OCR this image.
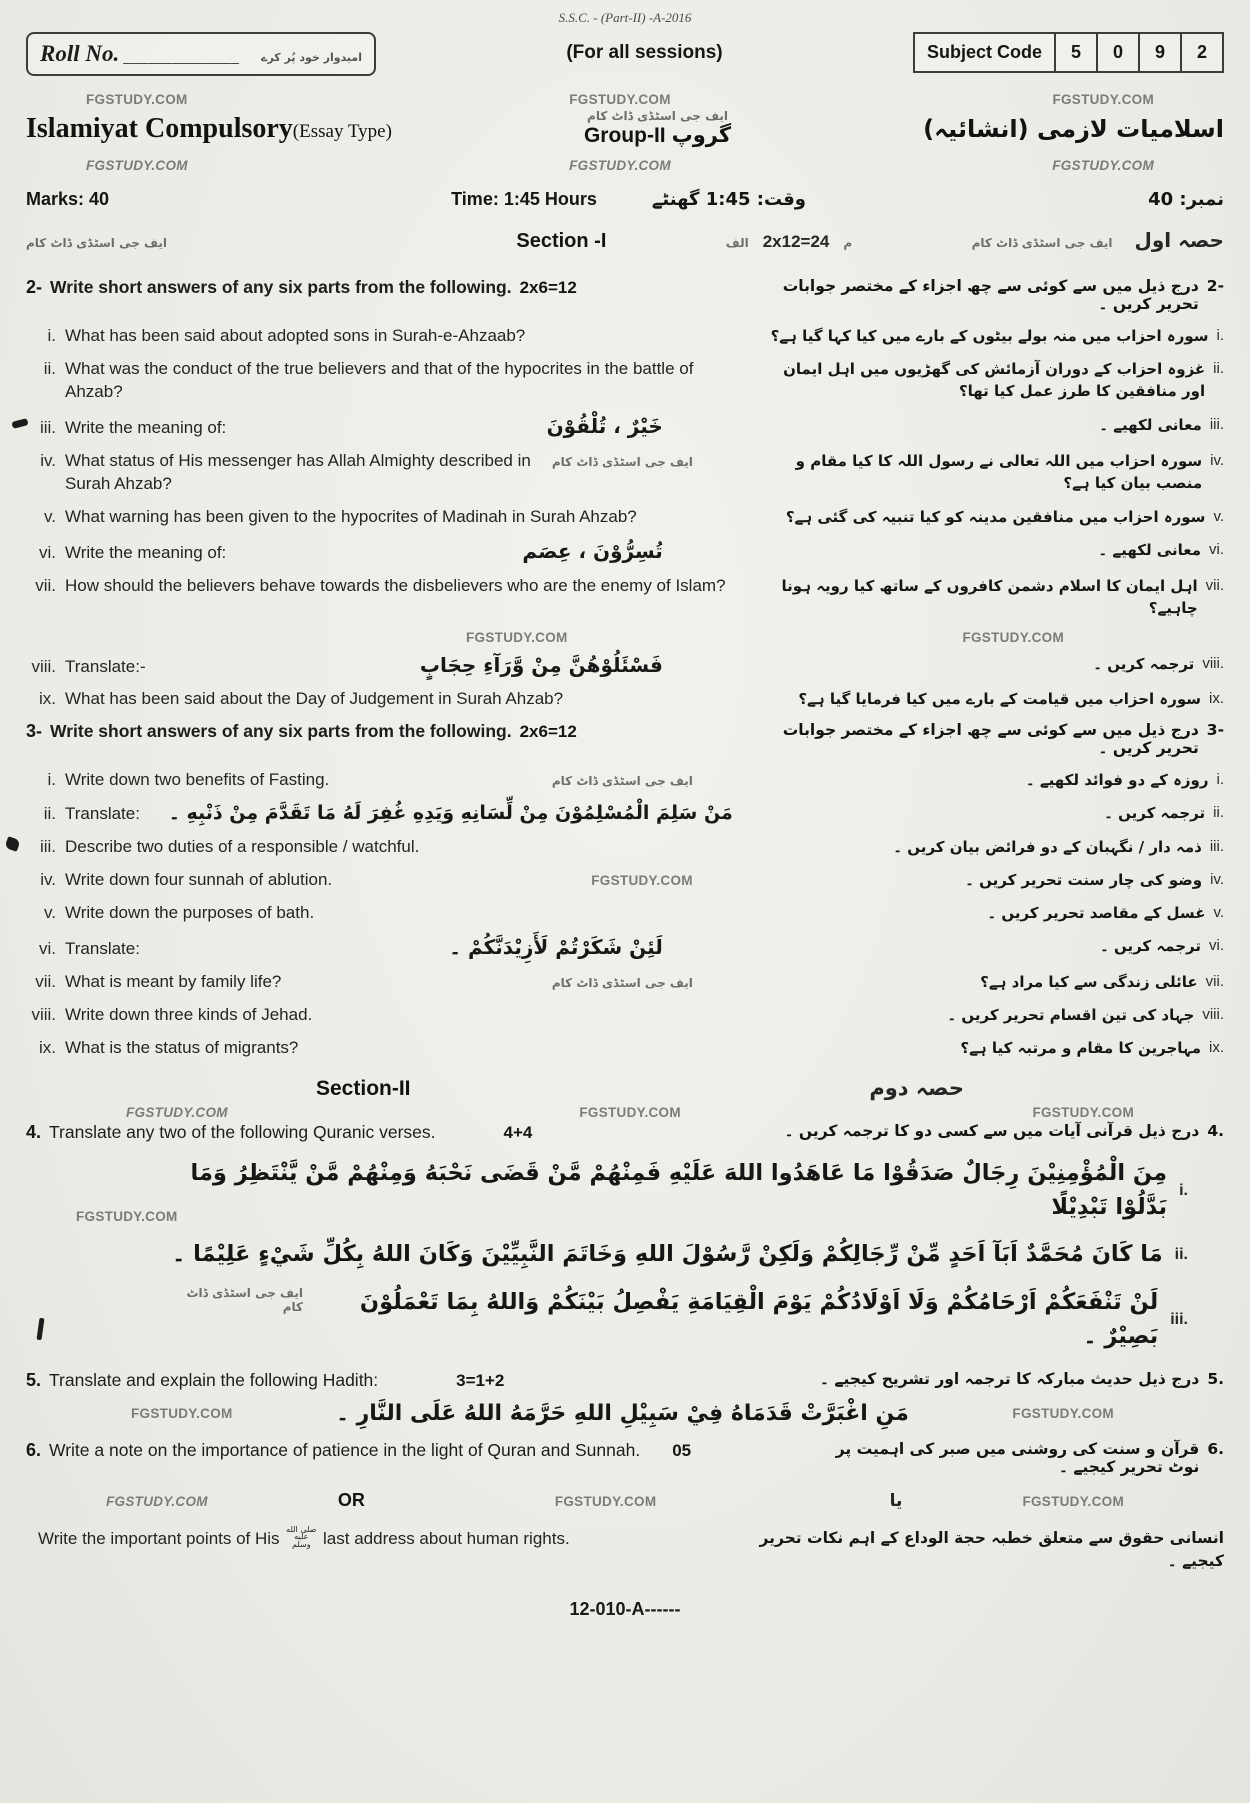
S.S.C. - (Part-II) -A-2016
Roll No. ______________ امیدوار خود پُر کرے	(For all sessions)	Subject Code	5	0	9	2
FGSTUDY.COM	FGSTUDY.COM	FGSTUDY.COM
Islamiyat Compulsory(Essay Type)
ایف جی اسٹڈی ڈاٹ کام
Group-II گروپ	اسلامیات لازمی (انشائیہ)
FGSTUDY.COM	FGSTUDY.COM	FGSTUDY.COM
Marks: 40	Time: 1:45 Hours	وقت: 1:45 گھنٹے	نمبر: 40
ایف جی اسٹڈی ڈاٹ کام	Section -I	الف 2x12=24 م	ایف جی اسٹڈی ڈاٹ کام حصہ اول
2- Write short answers of any six parts from the following. 2x6=12	2-
درج ذیل میں سے کوئی سے چھ اجزاء کے مختصر جوابات تحریر کریں ۔
i. What has been said about adopted sons in Surah-e-Ahzaab?	i.
سورہ احزاب میں منہ بولے بیٹوں کے بارے میں کیا کہا گیا ہے؟
ii. What was the conduct of the true believers and that of the hypocrites in the battle of Ahzab?
ii.
غزوہ احزاب کے دوران آزمائش کی گھڑیوں میں اہل ایمان اور منافقین کا طرز عمل کیا تھا؟
iii. Write the meaning of:	خَيْرٌ ، تُلْقُوْنَ	iii.
معانی لکھیے ۔
iv. What status of His messenger has Allah Almighty described in Surah Ahzab?
ایف جی اسٹڈی ڈاٹ کام	iv.
سورہ احزاب میں اللہ تعالی نے رسول اللہ کا کیا مقام و منصب بیان کیا ہے؟
v. What warning has been given to the hypocrites of Madinah in Surah Ahzab?	v.
سورہ احزاب میں منافقین مدینہ کو کیا تنبیہ کی گئی ہے؟
vi. Write the meaning of:	تُسِرُّوْنَ ، عِصَم	vi.
معانی لکھیے ۔
vii. How should the believers behave towards the disbelievers who are the enemy of Islam?	vii.
اہل ایمان کا اسلام دشمن کافروں کے ساتھ کیا رویہ ہونا چاہیے؟
FGSTUDY.COM	FGSTUDY.COM
viii. Translate:-	فَسْئَلُوْهُنَّ مِنْ وَّرَآءِ حِجَابٍ	viii.
ترجمہ کریں ۔
ix. What has been said about the Day of Judgement in Surah Ahzab?	ix.
سورہ احزاب میں قیامت کے بارے میں کیا فرمایا گیا ہے؟
3- Write short answers of any six parts from the following. 2x6=12	3-
درج ذیل میں سے کوئی سے چھ اجزاء کے مختصر جوابات تحریر کریں ۔
i. Write down two benefits of Fasting.	ایف جی اسٹڈی ڈاٹ کام	i.
روزہ کے دو فوائد لکھیے ۔
ii. Translate: مَنْ سَلِمَ الْمُسْلِمُوْنَ مِنْ لِّسَانِهِ وَيَدِهِ غُفِرَ لَهُ مَا تَقَدَّمَ مِنْ ذَنْبِهِ ۔	ii.
ترجمہ کریں ۔
iii. Describe two duties of a responsible / watchful.	iii.
ذمہ دار / نگہبان کے دو فرائض بیان کریں ۔
iv. Write down four sunnah of ablution.	FGSTUDY.COM	iv.
وضو کی چار سنت تحریر کریں ۔
v. Write down the purposes of bath.	v.
غسل کے مقاصد تحریر کریں ۔
vi. Translate:	لَئِنْ شَكَرْتُمْ لَأَزِيْدَنَّكُمْ ۔	vi.
ترجمہ کریں ۔
vii. What is meant by family life?	ایف جی اسٹڈی ڈاٹ کام	vii.
عائلی زندگی سے کیا مراد ہے؟
viii. Write down three kinds of Jehad.	viii.
جہاد کی تین اقسام تحریر کریں ۔
ix. What is the status of migrants?	ix.
مہاجرین کا مقام و مرتبہ کیا ہے؟
Section-II	حصہ دوم
FGSTUDY.COM	FGSTUDY.COM	FGSTUDY.COM
4. Translate any two of the following Quranic verses.	4+4	4.
درج ذیل قرآنی آیات میں سے کسی دو کا ترجمہ کریں ۔
FGSTUDY.COM
i.
مِنَ الْمُؤْمِنِيْنَ رِجَالٌ صَدَقُوْا مَا عَاهَدُوا اللهَ عَلَيْهِ فَمِنْهُمْ مَّنْ قَضَى نَحْبَهُ وَمِنْهُمْ مَّنْ يَّنْتَظِرُ وَمَا بَدَّلُوْا تَبْدِيْلًا
ii.
مَا كَانَ مُحَمَّدٌ اَبَآ اَحَدٍ مِّنْ رِّجَالِكُمْ وَلَكِنْ رَّسُوْلَ اللهِ وَخَاتَمَ النَّبِيِّيْنَ وَكَانَ اللهُ بِكُلِّ شَيْءٍ عَلِيْمًا ۔
ایف جی اسٹڈی ڈاٹ کام
iii.
لَنْ تَنْفَعَكُمْ اَرْحَامُكُمْ وَلَا اَوْلَادُكُمْ يَوْمَ الْقِيَامَةِ يَفْصِلُ بَيْنَكُمْ وَاللهُ بِمَا تَعْمَلُوْنَ بَصِيْرٌ ۔
5. Translate and explain the following Hadith:	3=1+2	5.
درج ذیل حدیث مبارکہ کا ترجمہ اور تشریح کیجیے ۔
FGSTUDY.COM	مَنِ اغْبَرَّتْ قَدَمَاهُ فِيْ سَبِيْلِ اللهِ حَرَّمَهُ اللهُ عَلَى النَّارِ ۔	FGSTUDY.COM
6. Write a note on the importance of patience in the light of Quran and Sunnah. 05	6.
قرآن و سنت کی روشنی میں صبر کی اہمیت پر نوٹ تحریر کیجیے ۔
FGSTUDY.COM	OR	FGSTUDY.COM	یا	FGSTUDY.COM
Write the important points of His صلى الله عليه وسلم last address about human rights.	انسانی حقوق سے متعلق خطبہ حجة الوداع کے اہم نکات تحریر کیجیے ۔
12-010-A------
